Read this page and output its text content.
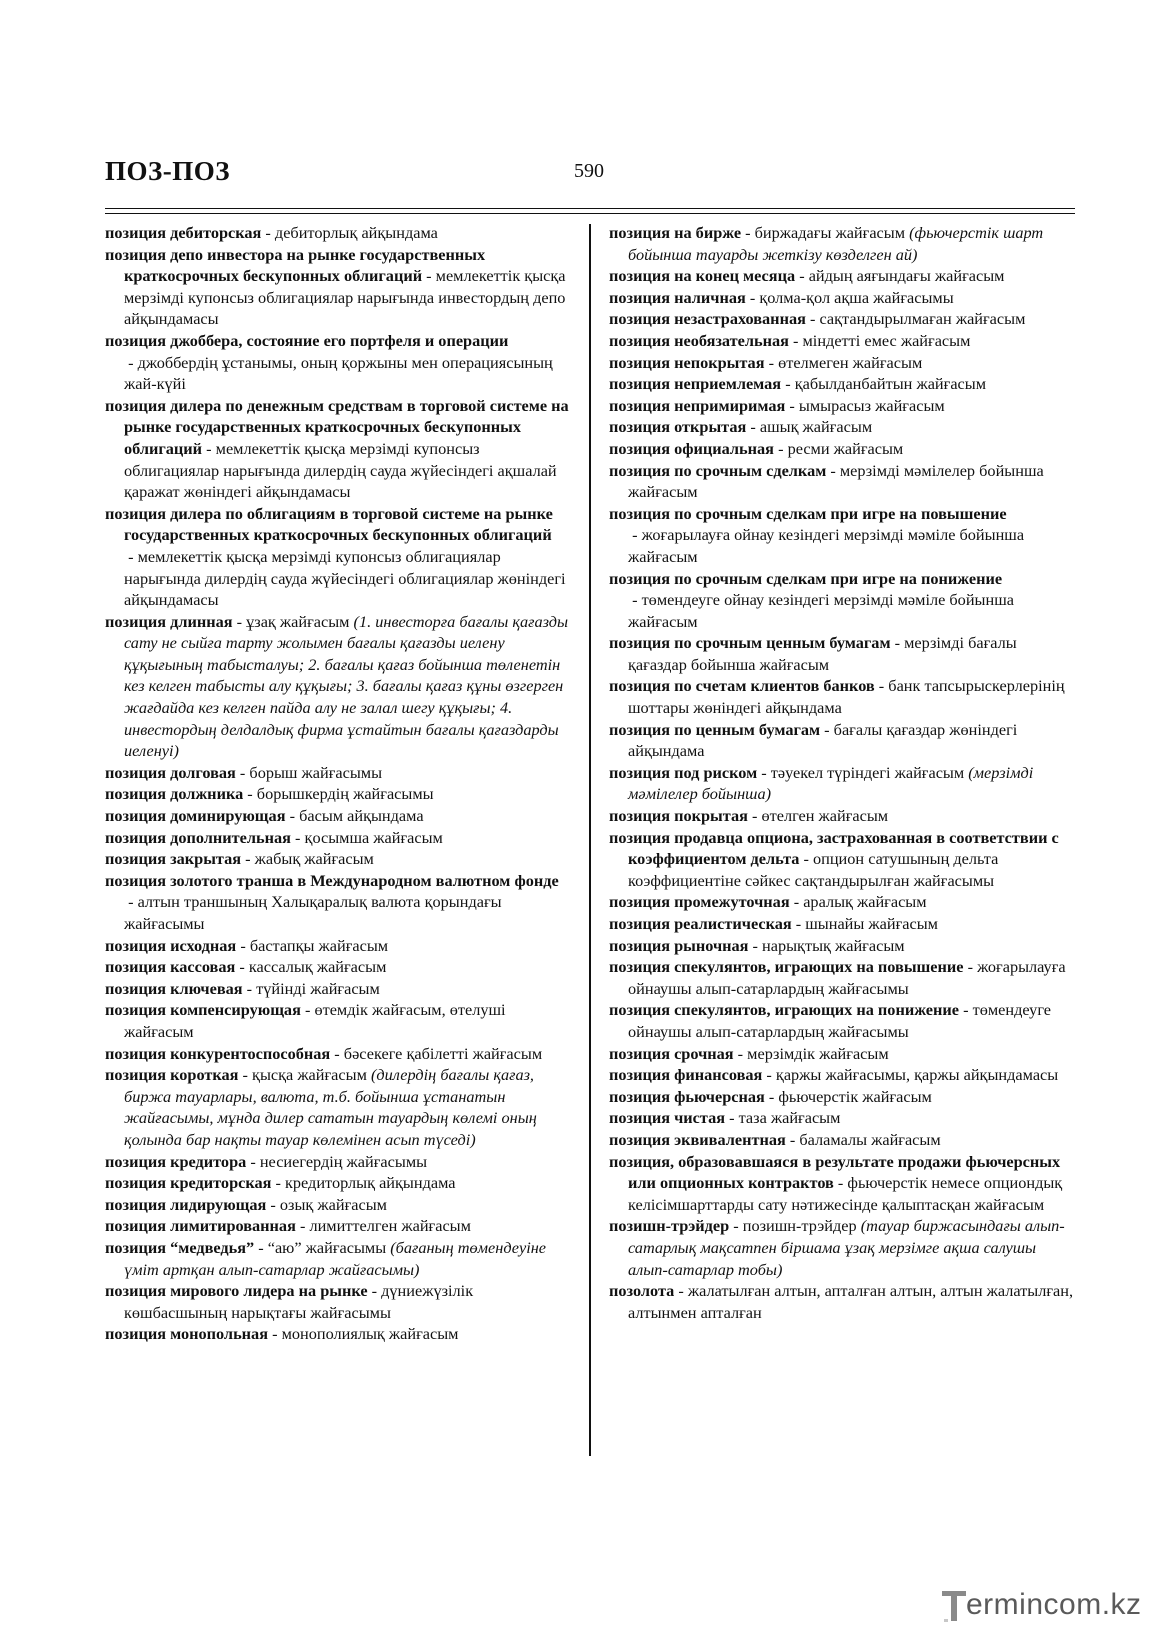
ПОЗ-ПОЗ	590

позиция дебиторская - дебиторлық айқындама

позиция депо инвестора на рынке государственных краткосрочных бескупонных облигаций - мемлекеттік қысқа мерзімді купонсыз облигациялар нарығында инвестордың депо айқындамасы

позиция джоббера, состояние его портфеля и операции - джоббердің ұстанымы, оның қоржыны мен операциясының жай-күйі

позиция дилера по денежным средствам в торговой системе на рынке государственных краткосрочных бескупонных облигаций - мемлекеттік қысқа мерзімді купонсыз облигациялар нарығында дилердің сауда жүйесіндегі ақшалай қаражат жөніндегі айқындамасы

позиция дилера по облигациям в торговой системе на рынке государственных краткосрочных бескупонных облигаций - мемлекеттік қысқа мерзімді купонсыз облигациялар нарығында дилердің сауда жүйесіндегі облигациялар жөніндегі айқындамасы

позиция длинная - ұзақ жайғасым (1. инвесторға бағалы қағазды сату не сыйға тарту жолымен бағалы қағазды иелену құқығының табысталуы; 2. бағалы қағаз бойынша төленетін кез келген табысты алу құқығы; 3. бағалы қағаз құны өзгерген жағдайда кез келген пайда алу не залал шегу құқығы; 4. инвестордың делдалдық фирма ұстайтын бағалы қағаздарды иеленуі)

позиция долговая - борыш жайғасымы

позиция должника - борышкердің жайғасымы

позиция доминирующая - басым айқындама

позиция дополнительная - қосымша жайғасым

позиция закрытая - жабық жайғасым

позиция золотого транша в Международном валютном фонде - алтын траншының Халықаралық валюта қорындағы жайғасымы

позиция исходная - бастапқы жайғасым

позиция кассовая - кассалық жайғасым

позиция ключевая - түйінді жайғасым

позиция компенсирующая - өтемдік жайғасым, өтелуші жайғасым

позиция конкурентоспособная - бәсекеге қабілетті жайғасым

позиция короткая - қысқа жайғасым (дилердің бағалы қағаз, биржа тауарлары, валюта, т.б. бойынша ұстанатын жайғасымы, мұнда дилер сататын тауардың көлемі оның қолында бар нақты тауар көлемінен асып түседі)

позиция кредитора - несиегердің жайғасымы

позиция кредиторская - кредиторлық айқындама

позиция лидирующая - озық жайғасым

позиция лимитированная - лимиттелген жайғасым

позиция “медведья” - “аю” жайғасымы (бағаның төмендеуіне үміт артқан алып-сатарлар жайғасымы)

позиция мирового лидера на рынке - дүниежүзілік көшбасшының нарықтағы жайғасымы

позиция монопольная - монополиялық жайғасым

позиция на бирже - биржадағы жайғасым (фьючерстік шарт бойынша тауарды жеткізу көзделген ай)

позиция на конец месяца - айдың аяғындағы жайғасым

позиция наличная - қолма-қол ақша жайғасымы

позиция незастрахованная - сақтандырылмаған жайғасым

позиция необязательная - міндетті емес жайғасым

позиция непокрытая - өтелмеген жайғасым

позиция неприемлемая - қабылданбайтын жайғасым

позиция непримиримая - ымырасыз жайғасым

позиция открытая - ашық жайғасым

позиция официальная - ресми жайғасым

позиция по срочным сделкам - мерзімді мәмілелер бойынша жайғасым

позиция по срочным сделкам при игре на повышение - жоғарылауға ойнау кезіндегі мерзімді мәміле бойынша жайғасым

позиция по срочным сделкам при игре на понижение - төмендеуге ойнау кезіндегі мерзімді мәміле бойынша жайғасым

позиция по срочным ценным бумагам - мерзімді бағалы қағаздар бойынша жайғасым

позиция по счетам клиентов банков - банк тапсырыскерлерінің шоттары жөніндегі айқындама

позиция по ценным бумагам - бағалы қағаздар жөніндегі айқындама

позиция под риском - тәуекел түріндегі жайғасым (мерзімді мәмілелер бойынша)

позиция покрытая - өтелген жайғасым

позиция продавца опциона, застрахованная в соответствии с коэффициентом дельта - опцион сатушының дельта коэффициентіне сәйкес сақтандырылған жайғасымы

позиция промежуточная - аралық жайғасым

позиция реалистическая - шынайы жайғасым

позиция рыночная - нарықтық жайғасым

позиция спекулянтов, играющих на повышение - жоғарылауға ойнаушы алып-сатарлардың жайғасымы

позиция спекулянтов, играющих на понижение - төмендеуге ойнаушы алып-сатарлардың жайғасымы

позиция срочная - мерзімдік жайғасым

позиция финансовая - қаржы жайғасымы, қаржы айқындамасы

позиция фьючерсная - фьючерстік жайғасым

позиция чистая - таза жайғасым

позиция эквивалентная - баламалы жайғасым

позиция, образовавшаяся в результате продажи фьючерсных или опционных контрактов - фьючерстік немесе опциондық келісімшарттарды сату нәтижесінде қалыптасқан жайғасым

позишн-трэйдер - позишн-трэйдер (тауар биржасындағы алып-сатарлық мақсатпен біршама ұзақ мерзімге ақша салушы алып-сатарлар тобы)

позолота - жалатылған алтын, апталған алтын, алтын жалатылған, алтынмен апталған

ermincom.kz
